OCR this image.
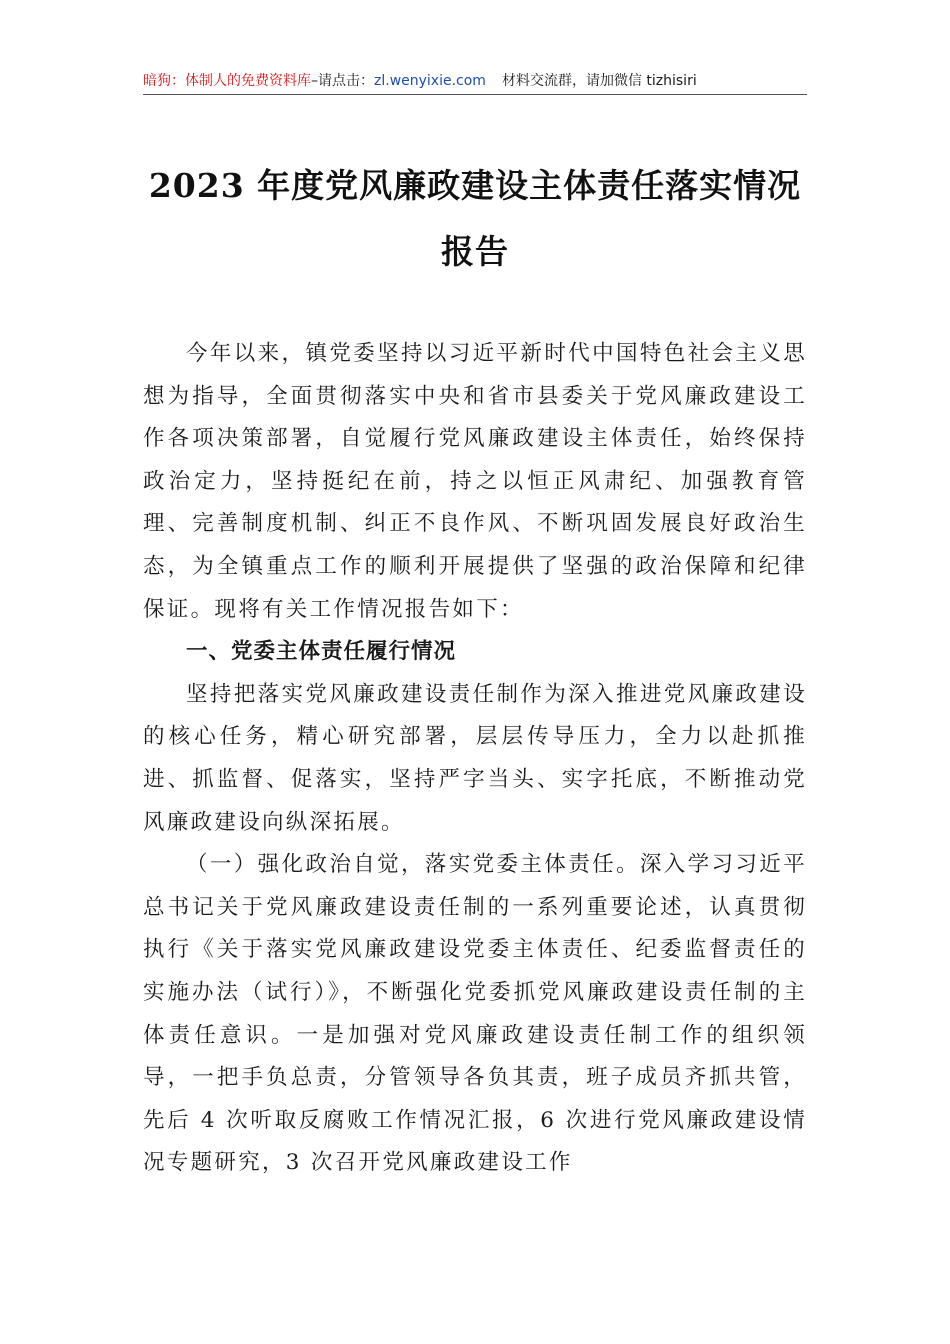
暗狗：体制人的免费资料库–请点击：zl.wenyixie.com 材料交流群，请加微信 tizhisiri
2023 年度党风廉政建设主体责任落实情况
报告

今年以来，镇党委坚持以习近平新时代中国特色社会主义思想为指导，全面贯彻落实中央和省市县委关于党风廉政建设工作各项决策部署，自觉履行党风廉政建设主体责任，始终保持政治定力，坚持挺纪在前，持之以恒正风肃纪、加强教育管理、完善制度机制、纠正不良作风、不断巩固发展良好政治生态，为全镇重点工作的顺利开展提供了坚强的政治保障和纪律保证。现将有关工作情况报告如下：

一、党委主体责任履行情况

坚持把落实党风廉政建设责任制作为深入推进党风廉政建设的核心任务，精心研究部署，层层传导压力，全力以赴抓推进、抓监督、促落实，坚持严字当头、实字托底，不断推动党风廉政建设向纵深拓展。

（一）强化政治自觉，落实党委主体责任。深入学习习近平总书记关于党风廉政建设责任制的一系列重要论述，认真贯彻执行《关于落实党风廉政建设党委主体责任、纪委监督责任的实施办法（试行）》，不断强化党委抓党风廉政建设责任制的主体责任意识。一是加强对党风廉政建设责任制工作的组织领导，一把手负总责，分管领导各负其责，班子成员齐抓共管，先后 4 次听取反腐败工作情况汇报，6 次进行党风廉政建设情况专题研究，3 次召开党风廉政建设工作
